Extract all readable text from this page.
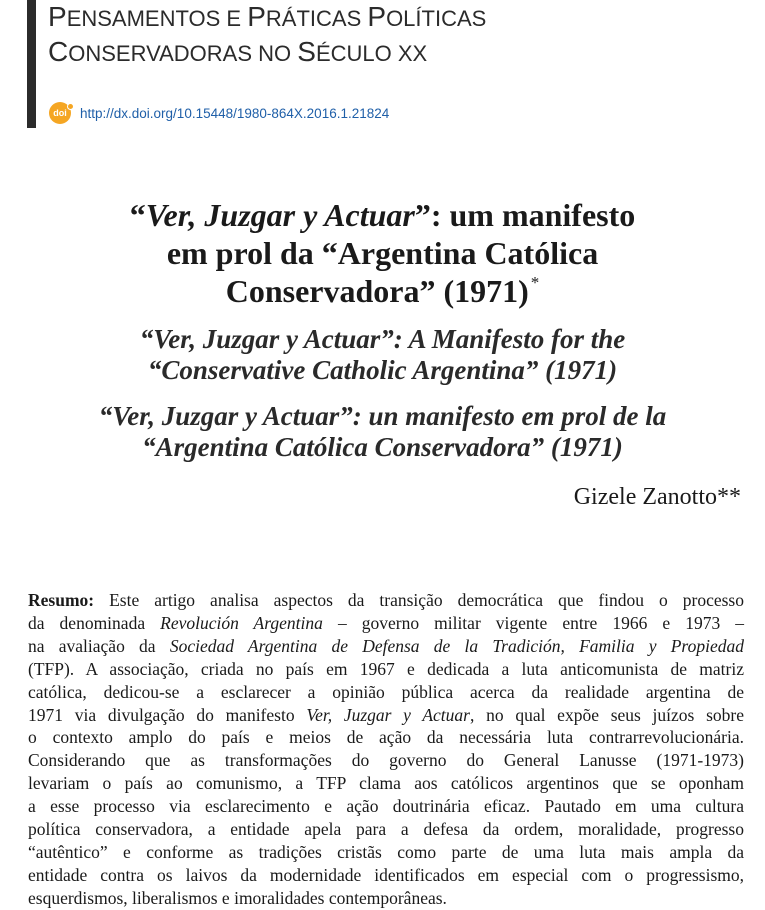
PENSAMENTOS E PRÁTICAS POLÍTICAS
CONSERVADORAS NO SÉCULO XX
doi http://dx.doi.org/10.15448/1980-864X.2016.1.21824
“Ver, Juzgar y Actuar”: um manifesto
em prol da “Argentina Católica
Conservadora” (1971) *
“Ver, Juzgar y Actuar”: A Manifesto for the
“Conservative Catholic Argentina” (1971)
“Ver, Juzgar y Actuar”: un manifesto em prol de la
“Argentina Católica Conservadora” (1971)

Gizele Zanotto**

Resumo: Este artigo analisa aspectos da transição democrática que findou o processo
da denominada Revolución Argentina – governo militar vigente entre 1966 e 1973 –
na avaliação da Sociedad Argentina de Defensa de la Tradición, Familia y Propiedad
(TFP). A associação, criada no país em 1967 e dedicada a luta anticomunista de matriz
católica, dedicou-se a esclarecer a opinião pública acerca da realidade argentina de
1971 via divulgação do manifesto Ver, Juzgar y Actuar, no qual expõe seus juízos sobre
o contexto amplo do país e meios de ação da necessária luta contrarrevolucionária.
Considerando que as transformações do governo do General Lanusse (1971-1973)
levariam o país ao comunismo, a TFP clama aos católicos argentinos que se oponham
a esse processo via esclarecimento e ação doutrinária eficaz. Pautado em uma cultura
política conservadora, a entidade apela para a defesa da ordem, moralidade, progresso
“autêntico” e conforme as tradições cristãs como parte de uma luta mais ampla da
entidade contra os laivos da modernidade identificados em especial com o progressismo,
esquerdismos, liberalismos e imoralidades contemporâneas.
